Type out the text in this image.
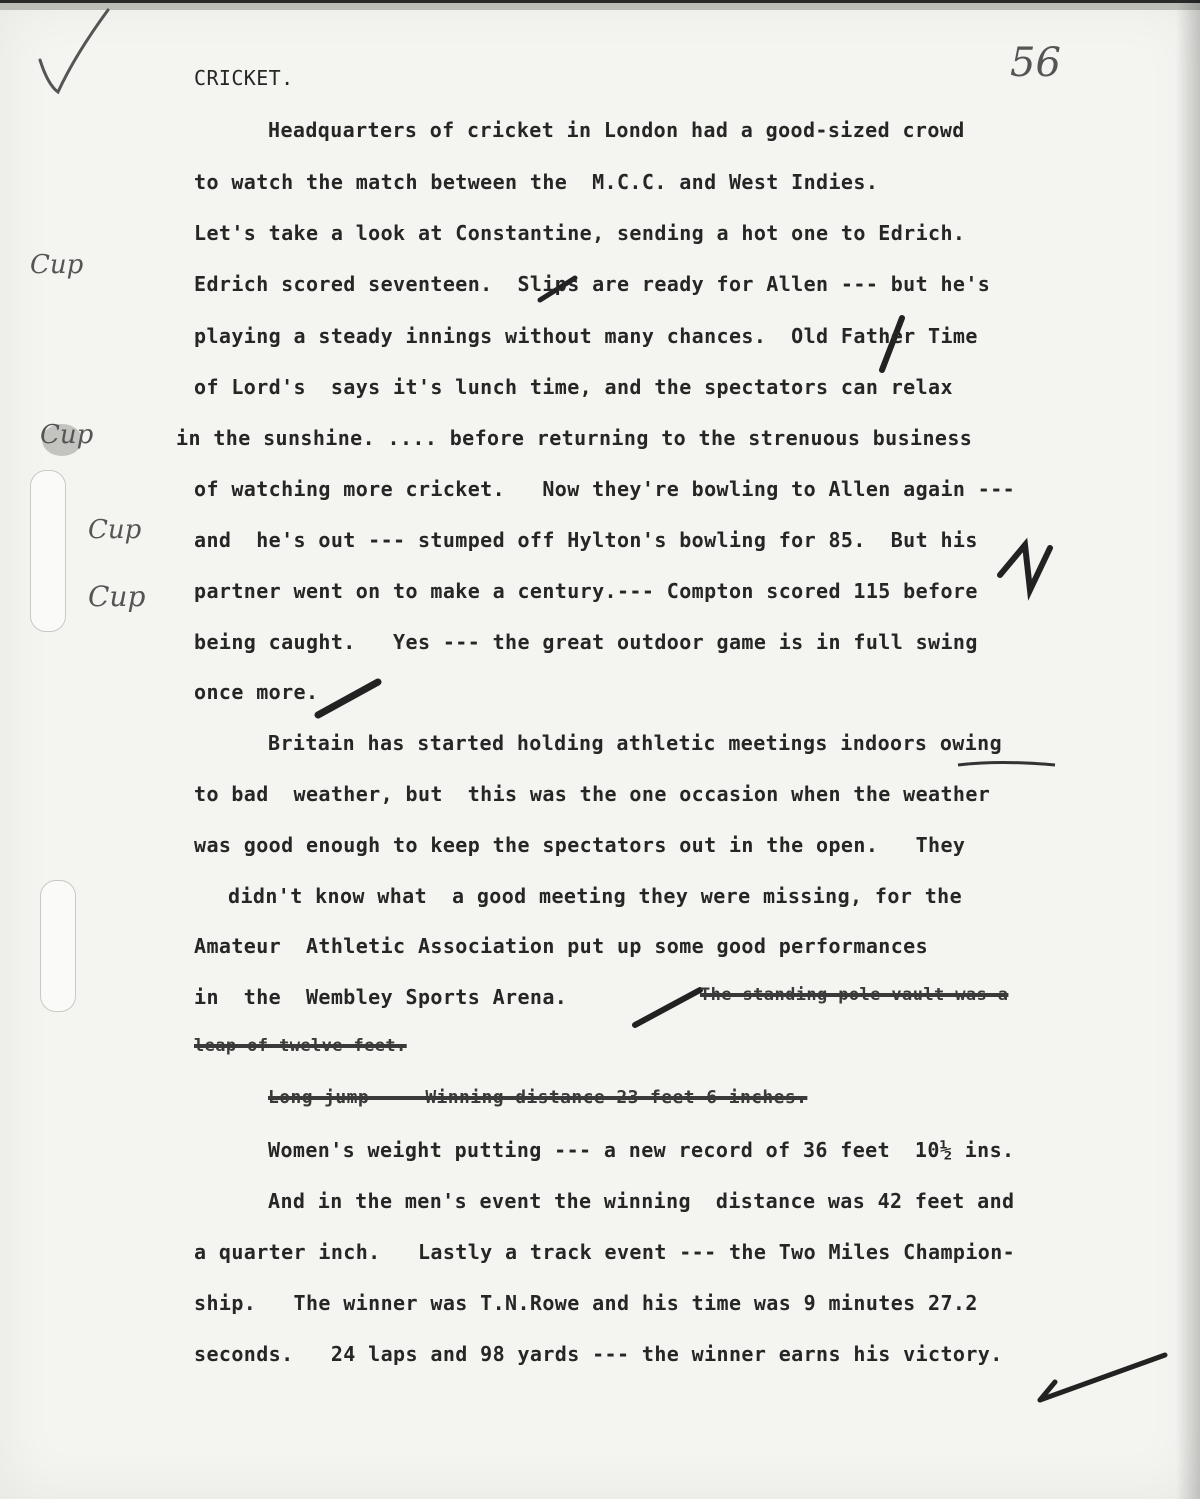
56
Cup
Cup
Cup
Cup
CRICKET.
Headquarters of cricket in London had a good-sized crowd
to watch the match between the  M.C.C. and West Indies.
Let's take a look at Constantine, sending a hot one to Edrich.
Edrich scored seventeen.  Slips are ready for Allen --- but he's
playing a steady innings without many chances.  Old Father Time
of Lord's  says it's lunch time, and the spectators can relax
in the sunshine. .... before returning to the strenuous business
of watching more cricket.   Now they're bowling to Allen again ---
and  he's out --- stumped off Hylton's bowling for 85.  But his
partner went on to make a century.--- Compton scored 115 before
being caught.   Yes --- the great outdoor game is in full swing
once more.
Britain has started holding athletic meetings indoors owing
to bad  weather, but  this was the one occasion when the weather
was good enough to keep the spectators out in the open.   They
didn't know what  a good meeting they were missing, for the
Amateur  Athletic Association put up some good performances
in  the  Wembley Sports Arena.	The standing pole vault was a
leap of twelve feet.
Long jump --- Winning distance 23 feet 6 inches.
Women's weight putting --- a new record of 36 feet  10½ ins.
And in the men's event the winning  distance was 42 feet and
a quarter inch.   Lastly a track event --- the Two Miles Champion-
ship.   The winner was T.N.Rowe and his time was 9 minutes 27.2
seconds.   24 laps and 98 yards --- the winner earns his victory.
